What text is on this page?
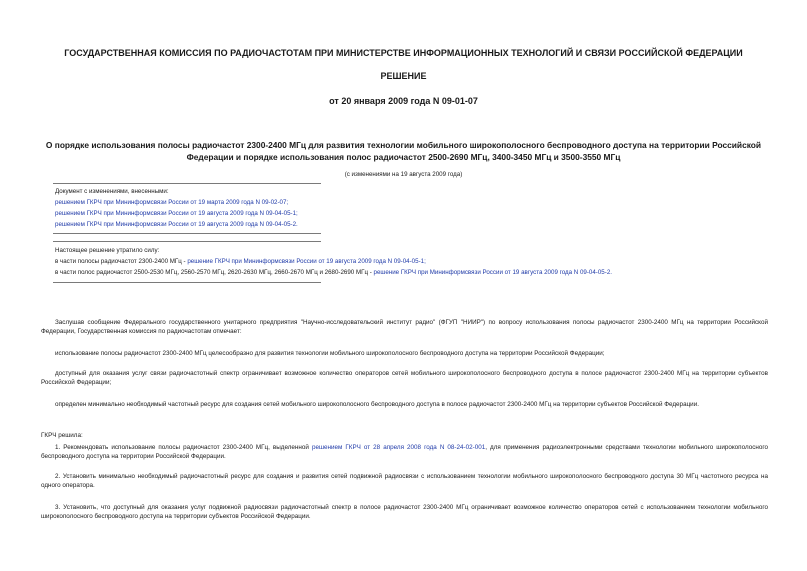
ГОСУДАРСТВЕННАЯ КОМИССИЯ ПО РАДИОЧАСТОТАМ ПРИ МИНИСТЕРСТВЕ ИНФОРМАЦИОННЫХ ТЕХНОЛОГИЙ И СВЯЗИ РОССИЙСКОЙ ФЕДЕРАЦИИ
РЕШЕНИЕ
от 20 января 2009 года N 09-01-07
О порядке использования полосы радиочастот 2300-2400 МГц для развития технологии мобильного широкополосного беспроводного доступа на территории Российской Федерации и порядке использования полос радиочастот 2500-2690 МГц, 3400-3450 МГц и 3500-3550 МГц
(с изменениями на 19 августа 2009 года)
Документ с изменениями, внесенными:
решением ГКРЧ при Мининформсвязи России от 19 марта 2009 года N 09-02-07;
решением ГКРЧ при Мининформсвязи России от 19 августа 2009 года N 09-04-05-1;
решением ГКРЧ при Мининформсвязи России от 19 августа 2009 года N 09-04-05-2.
Настоящее решение утратило силу:
в части полосы радиочастот 2300-2400 МГц - решение ГКРЧ при Мининформсвязи России от 19 августа 2009 года N 09-04-05-1;
в части полос радиочастот 2500-2530 МГц, 2560-2570 МГц, 2620-2630 МГц, 2660-2670 МГц и 2680-2690 МГц - решение ГКРЧ при Мининформсвязи России от 19 августа 2009 года N 09-04-05-2.
Заслушав сообщение Федерального государственного унитарного предприятия "Научно-исследовательский институт радио" (ФГУП "НИИР") по вопросу использования полосы радиочастот 2300-2400 МГц на территории Российской Федерации, Государственная комиссия по радиочастотам отмечает:
использование полосы радиочастот 2300-2400 МГц целесообразно для развития технологии мобильного широкополосного беспроводного доступа на территории Российской Федерации;
доступный для оказания услуг связи радиочастотный спектр ограничивает возможное количество операторов сетей мобильного широкополосного беспроводного доступа в полосе радиочастот 2300-2400 МГц на территории субъектов Российской Федерации;
определен минимально необходимый частотный ресурс для создания сетей мобильного широкополосного беспроводного доступа в полосе радиочастот 2300-2400 МГц на территории субъектов Российской Федерации.
ГКРЧ решила:
1. Рекомендовать использование полосы радиочастот 2300-2400 МГц, выделенной решением ГКРЧ от 28 апреля 2008 года N 08-24-02-001, для применения радиоэлектронными средствами технологии мобильного широкополосного беспроводного доступа на территории Российской Федерации.
2. Установить минимально необходимый радиочастотный ресурс для создания и развития сетей подвижной радиосвязи с использованием технологии мобильного широкополосного беспроводного доступа 30 МГц частотного ресурса на одного оператора.
3. Установить, что доступный для оказания услуг подвижной радиосвязи радиочастотный спектр в полосе радиочастот 2300-2400 МГц ограничивает возможное количество операторов сетей с использованием технологии мобильного широкополосного беспроводного доступа на территории субъектов Российской Федерации.
